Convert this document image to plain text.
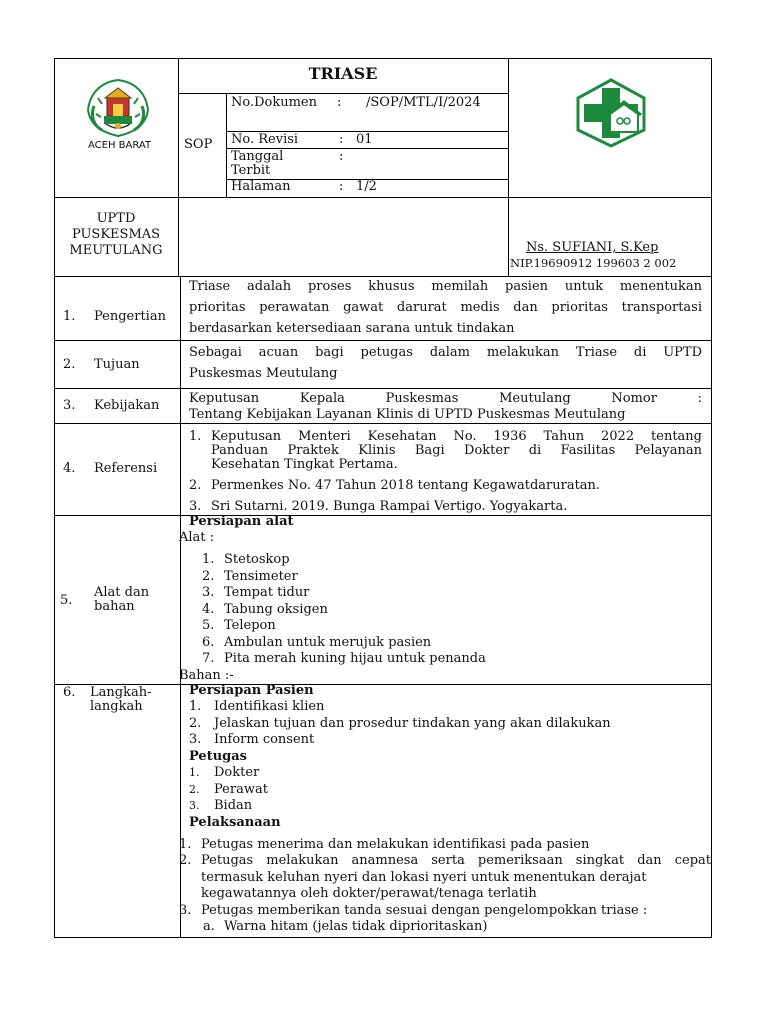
ACEH BARAT
TRIASE
SOP
No.Dokumen : /SOP/MTL/I/2024
No. Revisi	: 01
Tanggal	:
Terbit
Halaman	: 1/2
UPTD
PUSKESMAS
MEUTULANG	Ns. SUFIANI, S.Kep
NIP.19690912 199603 2 002
1. Pengertian
Triase adalah proses khusus memilah pasien untuk menentukan
prioritas perawatan gawat darurat medis dan prioritas transportasi
berdasarkan ketersediaan sarana untuk tindakan
2. Tujuan
Sebagai acuan bagi petugas dalam melakukan Triase di UPTD
Puskesmas Meutulang
3. Kebijakan Keputusan Kepala Puskesmas Meutulang Nomor :
Tentang Kebijakan Layanan Klinis di UPTD Puskesmas Meutulang
4. Referensi
1. Keputusan Menteri Kesehatan No. 1936 Tahun 2022 tentang
Panduan Praktek Klinis Bagi Dokter di Fasilitas Pelayanan
Kesehatan Tingkat Pertama.
2. Permenkes No. 47 Tahun 2018 tentang Kegawatdaruratan.
3. Sri Sutarni. 2019. Bunga Rampai Vertigo. Yogyakarta.
5.
Alat dan
bahan
Persiapan alat
Alat :
1. Stetoskop
2. Tensimeter
3. Tempat tidur
4. Tabung oksigen
5. Telepon
6. Ambulan untuk merujuk pasien
7. Pita merah kuning hijau untuk penanda
Bahan :-
6. Langkah-
langkah
Persiapan Pasien
1. Identifikasi klien
2. Jelaskan tujuan dan prosedur tindakan yang akan dilakukan
3. Inform consent
Petugas
1. Dokter
2. Perawat
3. Bidan
Pelaksanaan
1. Petugas menerima dan melakukan identifikasi pada pasien
2. Petugas melakukan anamnesa serta pemeriksaan singkat dan cepat
termasuk keluhan nyeri dan lokasi nyeri untuk menentukan derajat
kegawatannya oleh dokter/perawat/tenaga terlatih
3. Petugas memberikan tanda sesuai dengan pengelompokkan triase :
a. Warna hitam (jelas tidak diprioritaskan)
